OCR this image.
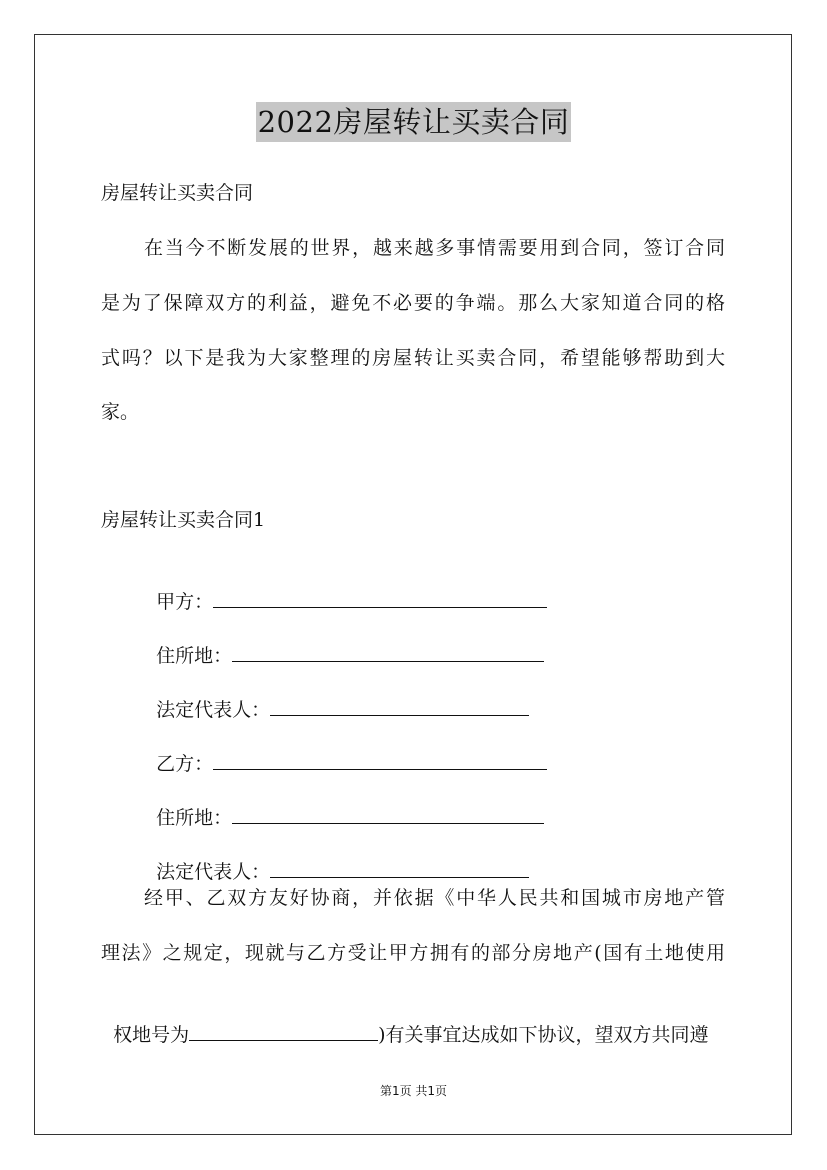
2022房屋转让买卖合同
房屋转让买卖合同
在当今不断发展的世界，越来越多事情需要用到合同，签订合同
是为了保障双方的利益，避免不必要的争端。那么大家知道合同的格
式吗？以下是我为大家整理的房屋转让买卖合同，希望能够帮助到大
家。
房屋转让买卖合同1

甲方：

住所地：

法定代表人：

乙方：

住所地：

法定代表人：

经甲、乙双方友好协商，并依据《中华人民共和国城市房地产管
理法》之规定，现就与乙方受让甲方拥有的部分房地产(国有土地使用

权地号为	)有关事宜达成如下协议，望双方共同遵

第1页 共1页
